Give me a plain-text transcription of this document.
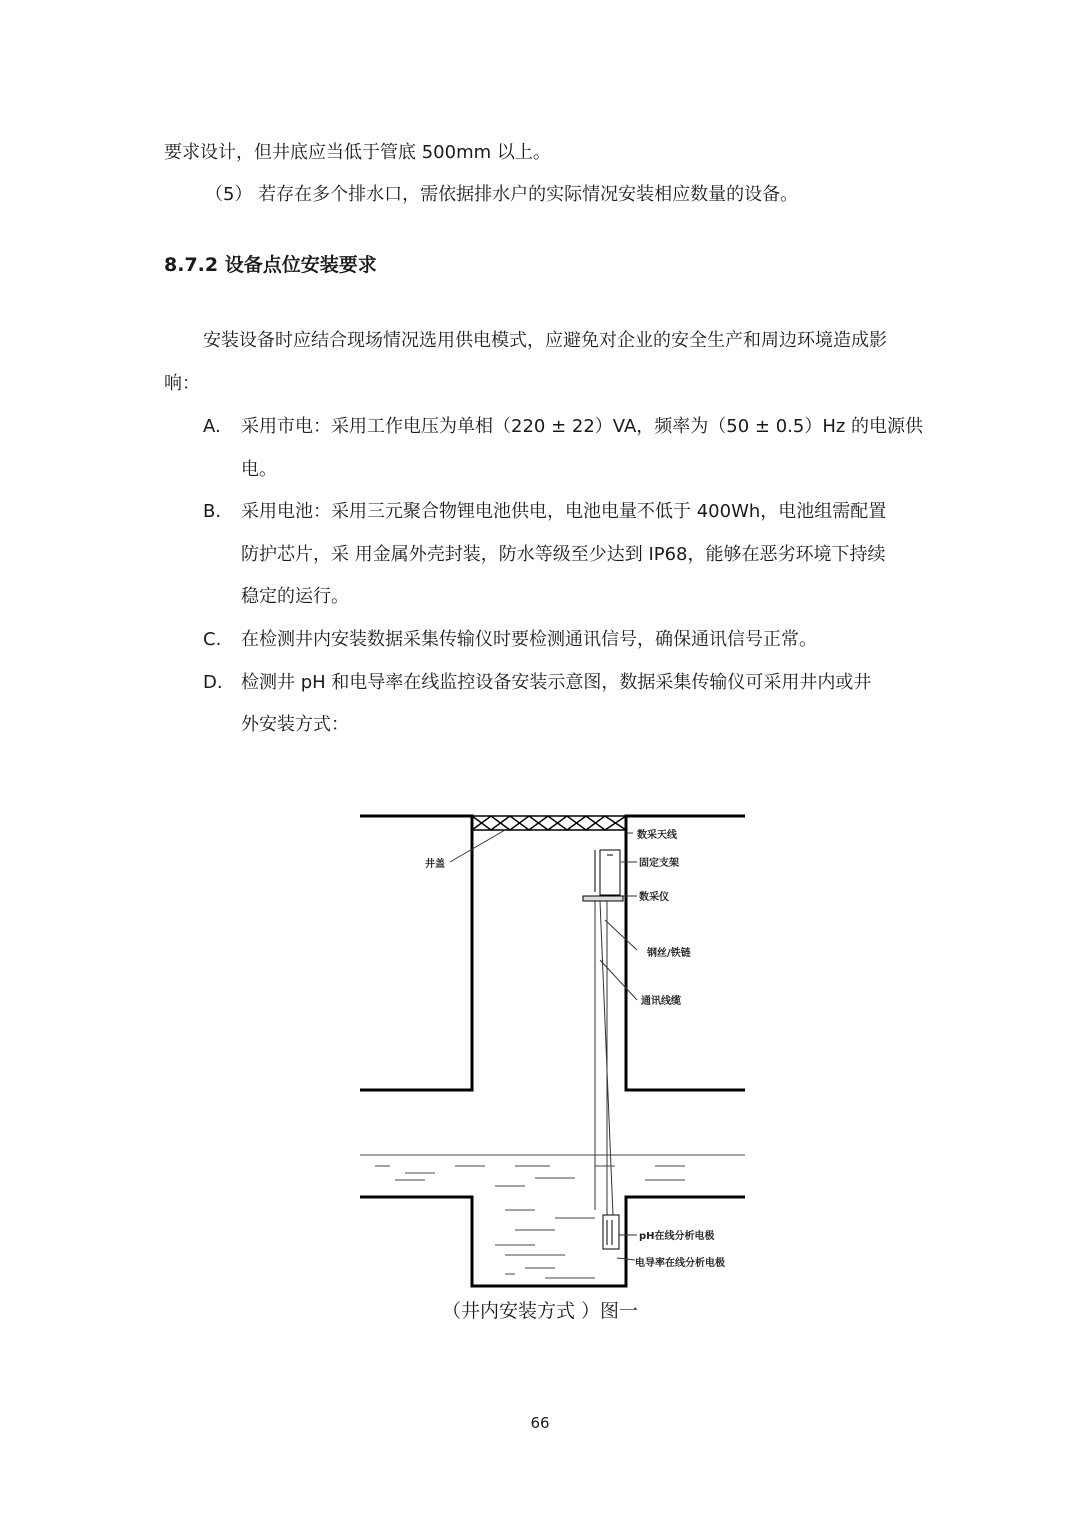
要求设计，但井底应当低于管底 500mm 以上。
（5） 若存在多个排水口，需依据排水户的实际情况安装相应数量的设备。
8.7.2 设备点位安装要求
安装设备时应结合现场情况选用供电模式，应避免对企业的安全生产和周边环境造成影
响：
A. 采用市电：采用工作电压为单相（220 ± 22）VA，频率为（50 ± 0.5）Hz 的电源供
电。
B. 采用电池：采用三元聚合物锂电池供电，电池电量不低于 400Wh，电池组需配置
防护芯片，采 用金属外壳封装，防水等级至少达到 IP68，能够在恶劣环境下持续
稳定的运行。
C. 在检测井内安装数据采集传输仪时要检测通讯信号，确保通讯信号正常。
D. 检测井 pH 和电导率在线监控设备安装示意图，数据采集传输仪可采用井内或井
外安装方式：
井盖
数采天线
固定支架
数采仪
钢丝/铁链
通讯线缆
pH在线分析电极
电导率在线分析电极
（井内安装方式 ）图一
66
